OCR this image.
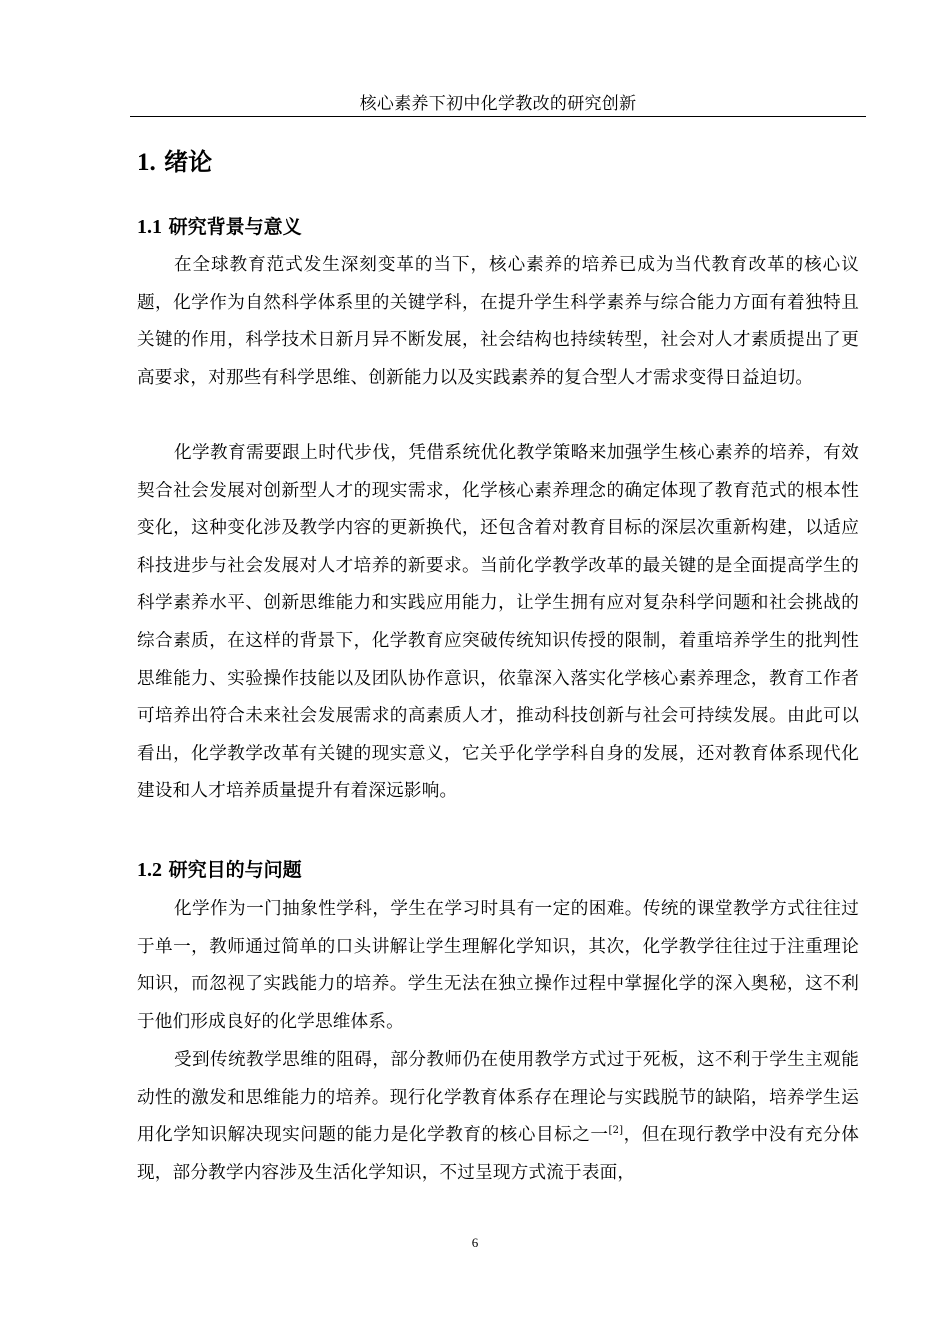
核心素养下初中化学教改的研究创新
1. 绪论
1.1 研究背景与意义

在全球教育范式发生深刻变革的当下，核心素养的培养已成为当代教育改革的核心议题，化学作为自然科学体系里的关键学科，在提升学生科学素养与综合能力方面有着独特且关键的作用，科学技术日新月异不断发展，社会结构也持续转型，社会对人才素质提出了更高要求，对那些有科学思维、创新能力以及实践素养的复合型人才需求变得日益迫切。

化学教育需要跟上时代步伐，凭借系统优化教学策略来加强学生核心素养的培养，有效契合社会发展对创新型人才的现实需求，化学核心素养理念的确定体现了教育范式的根本性变化，这种变化涉及教学内容的更新换代，还包含着对教育目标的深层次重新构建，以适应科技进步与社会发展对人才培养的新要求。当前化学教学改革的最关键的是全面提高学生的科学素养水平、创新思维能力和实践应用能力，让学生拥有应对复杂科学问题和社会挑战的综合素质，在这样的背景下，化学教育应突破传统知识传授的限制，着重培养学生的批判性思维能力、实验操作技能以及团队协作意识，依靠深入落实化学核心素养理念，教育工作者可培养出符合未来社会发展需求的高素质人才，推动科技创新与社会可持续发展。由此可以看出，化学教学改革有关键的现实意义，它关乎化学学科自身的发展，还对教育体系现代化建设和人才培养质量提升有着深远影响。

1.2 研究目的与问题

化学作为一门抽象性学科，学生在学习时具有一定的困难。传统的课堂教学方式往往过于单一，教师通过简单的口头讲解让学生理解化学知识，其次，化学教学往往过于注重理论知识，而忽视了实践能力的培养。学生无法在独立操作过程中掌握化学的深入奥秘，这不利于他们形成良好的化学思维体系。

受到传统教学思维的阻碍，部分教师仍在使用教学方式过于死板，这不利于学生主观能动性的激发和思维能力的培养。现行化学教育体系存在理论与实践脱节的缺陷，培养学生运用化学知识解决现实问题的能力是化学教育的核心目标之一[2]，但在现行教学中没有充分体现，部分教学内容涉及生活化学知识，不过呈现方式流于表面，

6
